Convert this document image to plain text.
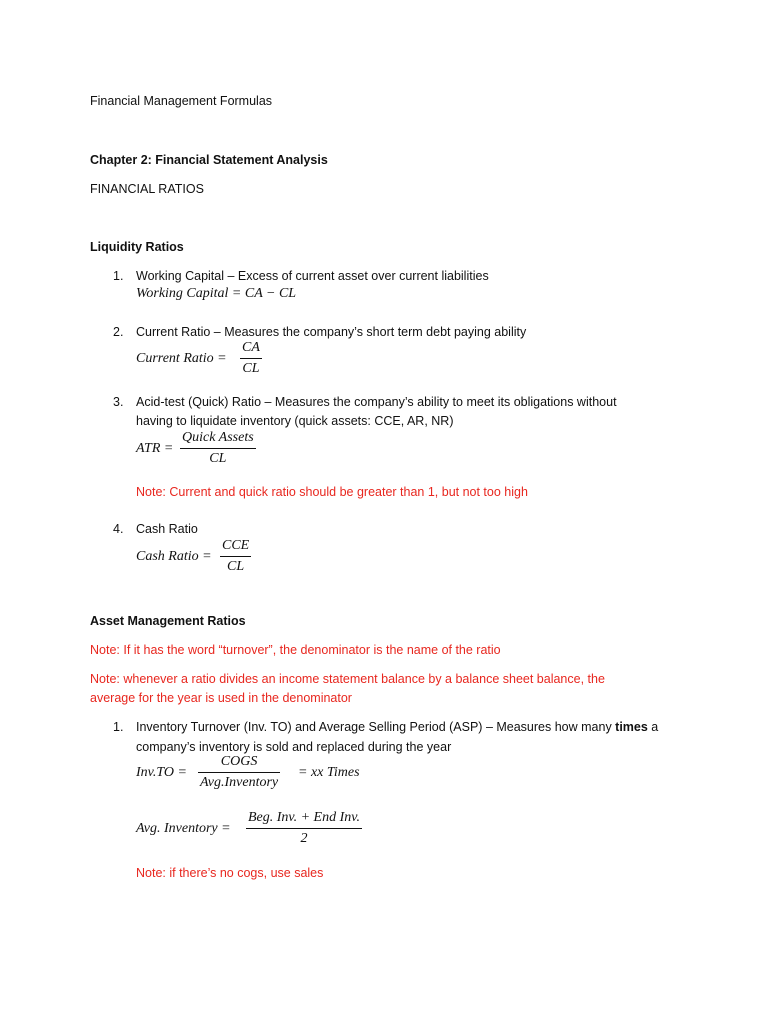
Financial Management Formulas
Chapter 2: Financial Statement Analysis
FINANCIAL RATIOS
Liquidity Ratios
1. Working Capital – Excess of current asset over current liabilities
Working Capital = CA − CL
2. Current Ratio – Measures the company’s short term debt paying ability
Current Ratio =
CA
CL
3. Acid-test (Quick) Ratio – Measures the company’s ability to meet its obligations without
having to liquidate inventory (quick assets: CCE, AR, NR)
ATR =
Quick Assets
CL
Note: Current and quick ratio should be greater than 1, but not too high
4. Cash Ratio
Cash Ratio =
CCE
CL
Asset Management Ratios
Note: If it has the word “turnover”, the denominator is the name of the ratio
Note: whenever a ratio divides an income statement balance by a balance sheet balance, the
average for the year is used in the denominator
1. Inventory Turnover (Inv. TO) and Average Selling Period (ASP) – Measures how many times a
company’s inventory is sold and replaced during the year
Inv.TO =
COGS
Avg.Inventory
= xx Times
Avg. Inventory =
Beg. Inv. + End Inv.
2
Note: if there’s no cogs, use sales
